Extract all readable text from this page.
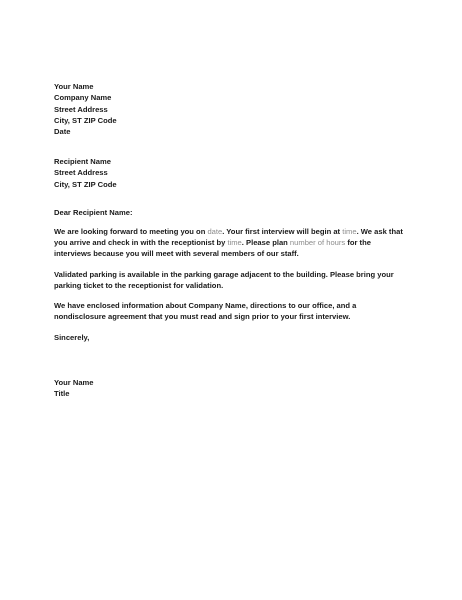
Your Name
Company Name
Street Address
City, ST ZIP Code
Date
Recipient Name
Street Address
City, ST ZIP Code
Dear Recipient Name:

We are looking forward to meeting you on date. Your first interview will begin at time. We ask that you arrive and check in with the receptionist by time. Please plan number of hours for the interviews because you will meet with several members of our staff.

Validated parking is available in the parking garage adjacent to the building. Please bring your parking ticket to the receptionist for validation.

We have enclosed information about Company Name, directions to our office, and a nondisclosure agreement that you must read and sign prior to your first interview.

Sincerely,
Your Name
Title
